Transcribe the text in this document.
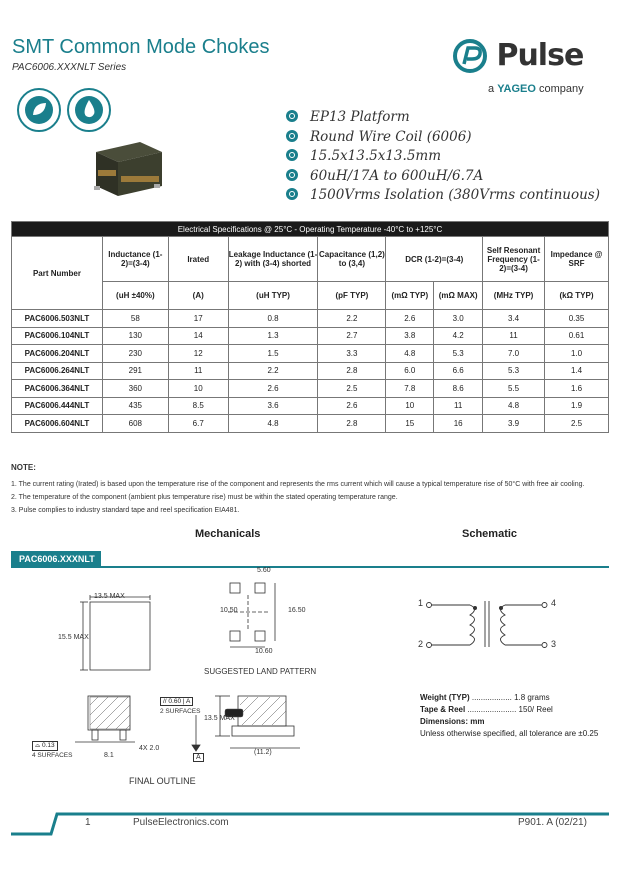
SMT Common Mode Chokes
PAC6006.XXXNLT Series	Pulse
a YAGEO company
EP13 Platform
Round Wire Coil (6006)
15.5x13.5x13.5mm
60uH/17A to 600uH/6.7A
1500Vrms Isolation (380Vrms continuous)
Electrical Specifications @ 25°C - Operating Temperature -40°C to +125°C								
Part Number	Inductance (1-2)=(3-4)	Irated	Leakage Inductance (1-2) with (3-4) shorted	Capacitance (1,2) to (3,4)	DCR (1-2)=(3-4)		Self Resonant Frequency (1-2)=(3-4)	Impedance @ SRF
	(uH ±40%)	(A)	(uH TYP)	(pF TYP)	(mΩ TYP)	(mΩ MAX)	(MHz TYP)	(kΩ TYP)
PAC6006.503NLT	58	17	0.8	2.2	2.6	3.0	3.4	0.35
PAC6006.104NLT	130	14	1.3	2.7	3.8	4.2	11	0.61
PAC6006.204NLT	230	12	1.5	3.3	4.8	5.3	7.0	1.0
PAC6006.264NLT	291	11	2.2	2.8	6.0	6.6	5.3	1.4
PAC6006.364NLT	360	10	2.6	2.5	7.8	8.6	5.5	1.6
PAC6006.444NLT	435	8.5	3.6	2.6	10	11	4.8	1.9
PAC6006.604NLT	608	6.7	4.8	2.8	15	16	3.9	2.5
NOTE:
1. The current rating (Irated) is based upon the temperature rise of the component and represents the rms current which will cause a typical temperature rise of 50°C with free air cooling.
2. The temperature of the component (ambient plus temperature rise) must be within the stated operating temperature range.
3. Pulse complies to industry standard tape and reel specification EIA481.
Mechanicals	Schematic
PAC6006.XXXNLT
13.5 MAX
15.5 MAX
5.60
10.50	16.50
10.60
SUGGESTED LAND PATTERN
⌓ 0.13
4 SURFACES	8.1
4X 2.0
// 0.60 | A
2 SURFACES
13.5 MAX
A
(11.2)
FINAL OUTLINE
1
2	3
4
Weight (TYP) .................. 1.8 grams
Tape & Reel ...................... 150/ Reel
Dimensions: mm
Unless otherwise specified, all tolerance are ±0.25
1	PulseElectronics.com	P901. A (02/21)
